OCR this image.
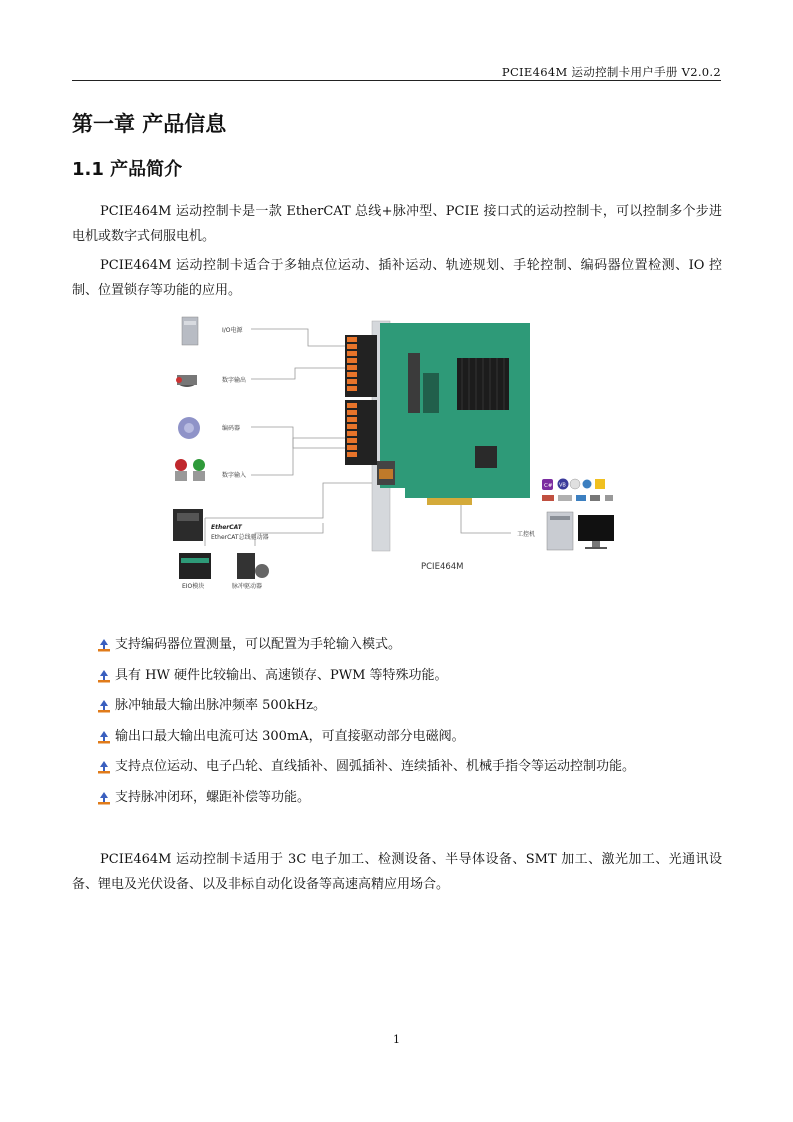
PCIE464M 运动控制卡用户手册 V2.0.2
第一章 产品信息
1.1 产品简介

PCIE464M 运动控制卡是一款 EtherCAT 总线+脉冲型、PCIE 接口式的运动控制卡，可以控制多个步进电机或数字式伺服电机。

PCIE464M 运动控制卡适合于多轴点位运动、插补运动、轨迹规划、手轮控制、编码器位置检测、IO 控制、位置锁存等功能的应用。

I/O电源
数字输出
编码器
数字输入
EtherCAT
EtherCAT总线驱动器
EIO模块	脉冲驱动器
C# VB
工控机
PCIE464M
支持编码器位置测量，可以配置为手轮输入模式。
具有 HW 硬件比较输出、高速锁存、PWM 等特殊功能。
脉冲轴最大输出脉冲频率 500kHz。
输出口最大输出电流可达 300mA，可直接驱动部分电磁阀。
支持点位运动、电子凸轮、直线插补、圆弧插补、连续插补、机械手指令等运动控制功能。
支持脉冲闭环，螺距补偿等功能。

PCIE464M 运动控制卡适用于 3C 电子加工、检测设备、半导体设备、SMT 加工、激光加工、光通讯设备、锂电及光伏设备、以及非标自动化设备等高速高精应用场合。

1
